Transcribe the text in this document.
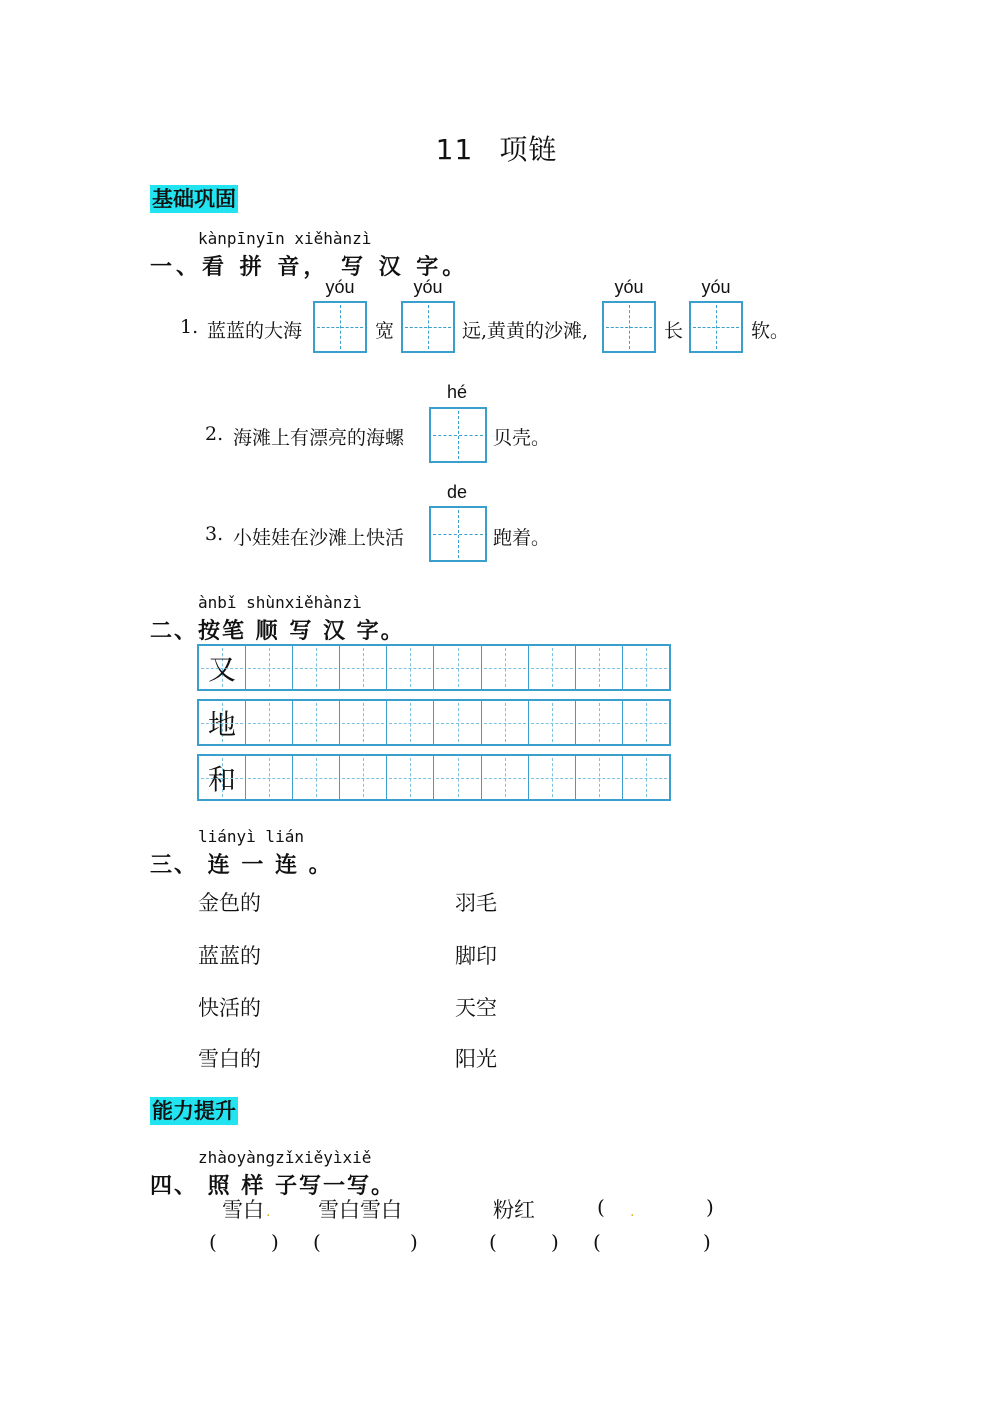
11 项链
基础巩固
kànpīnyīn xiěhànzì
一、看 拼 音， 写 汉 字。
1. 蓝蓝的大海
yóu
宽
yóu
远,黄黄的沙滩,
yóu
长
yóu
软。
2. 海滩上有漂亮的海螺
hé
贝壳。
3. 小娃娃在沙滩上快活
de
跑着。
ànbǐ shùnxiěhànzì
二、按笔 顺 写 汉 字。
又
地
和
liányì lián
三、 连 一 连 。
金色的
蓝蓝的
快活的
雪白的
羽毛
脚印
天空
阳光
能力提升
zhàoyàngzǐxiěyìxiě
四、 照 样 子写一写。
雪白 . 雪白雪白	粉红	( .	)
(	) (	)	(	) (	)
